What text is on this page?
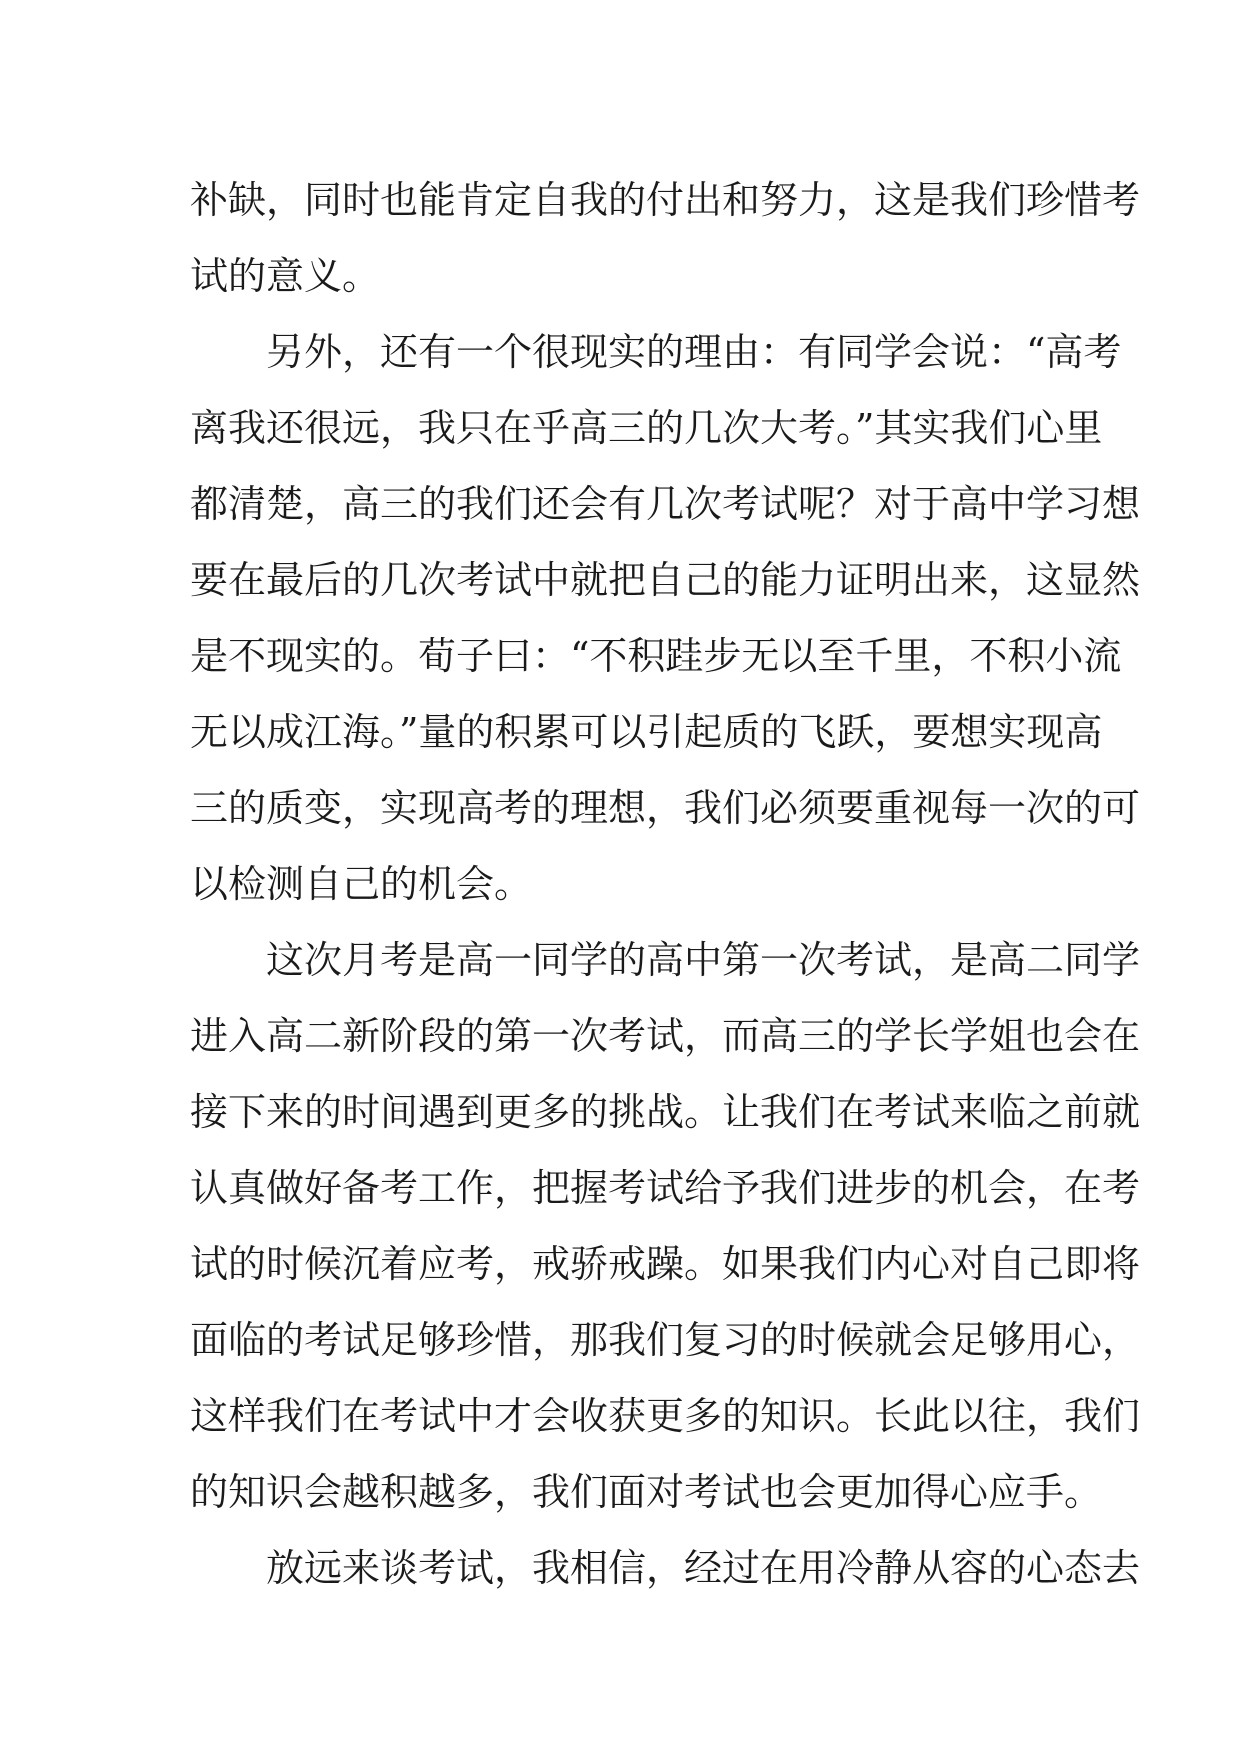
补缺，同时也能肯定自我的付出和努力，这是我们珍惜考
试的意义。
　　另外，还有一个很现实的理由：有同学会说：“高考
离我还很远，我只在乎高三的几次大考。”其实我们心里
都清楚，高三的我们还会有几次考试呢？对于高中学习想
要在最后的几次考试中就把自己的能力证明出来，这显然
是不现实的。荀子曰：“不积跬步无以至千里，不积小流
无以成江海。”量的积累可以引起质的飞跃，要想实现高
三的质变，实现高考的理想，我们必须要重视每一次的可
以检测自己的机会。
　　这次月考是高一同学的高中第一次考试，是高二同学
进入高二新阶段的第一次考试，而高三的学长学姐也会在
接下来的时间遇到更多的挑战。让我们在考试来临之前就
认真做好备考工作，把握考试给予我们进步的机会，在考
试的时候沉着应考，戒骄戒躁。如果我们内心对自己即将
面临的考试足够珍惜，那我们复习的时候就会足够用心，
这样我们在考试中才会收获更多的知识。长此以往，我们
的知识会越积越多，我们面对考试也会更加得心应手。
　　放远来谈考试，我相信，经过在用冷静从容的心态去
